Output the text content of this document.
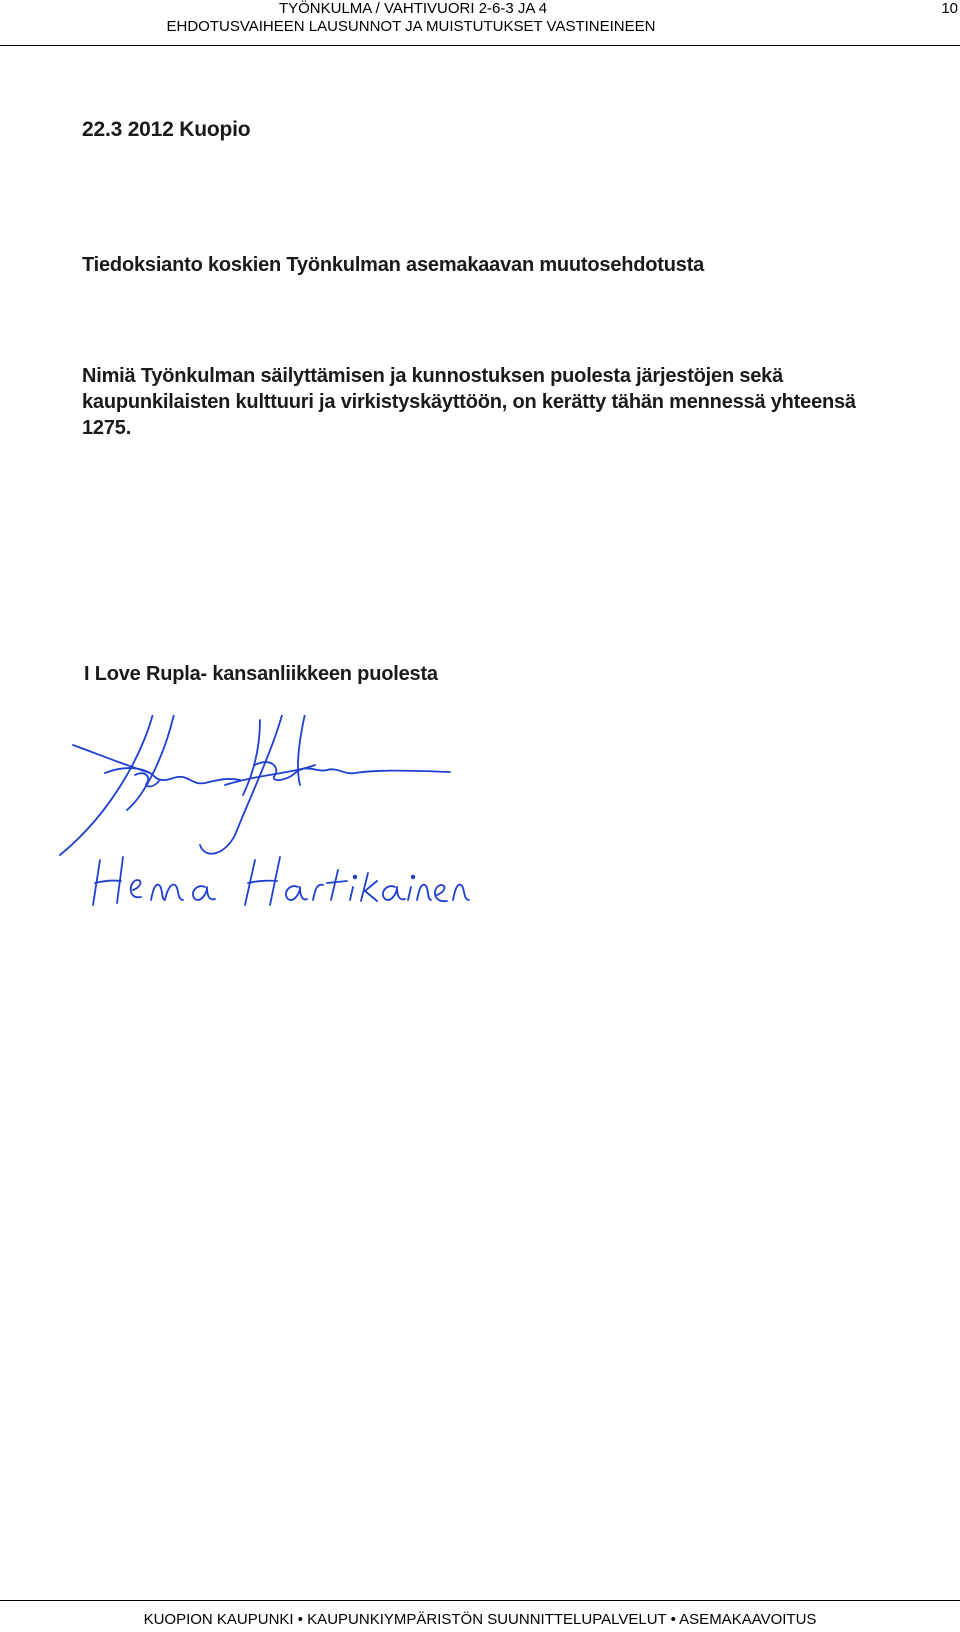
TYÖNKULMA / VAHTIVUORI 2-6-3 JA 4
EHDOTUSVAIHEEN LAUSUNNOT JA MUISTUTUKSET VASTINEINEEN
10
22.3 2012 Kuopio
Tiedoksianto koskien Työnkulman asemakaavan muutosehdotusta
Nimiä Työnkulman säilyttämisen ja kunnostuksen puolesta järjestöjen sekä kaupunkilaisten kulttuuri ja virkistyskäyttöön, on kerätty tähän mennessä yhteensä 1275.
I Love Rupla- kansanliikkeen puolesta
KUOPION KAUPUNKI • KAUPUNKIYMPÄRISTÖN SUUNNITTELUPALVELUT • ASEMAKAAVOITUS
